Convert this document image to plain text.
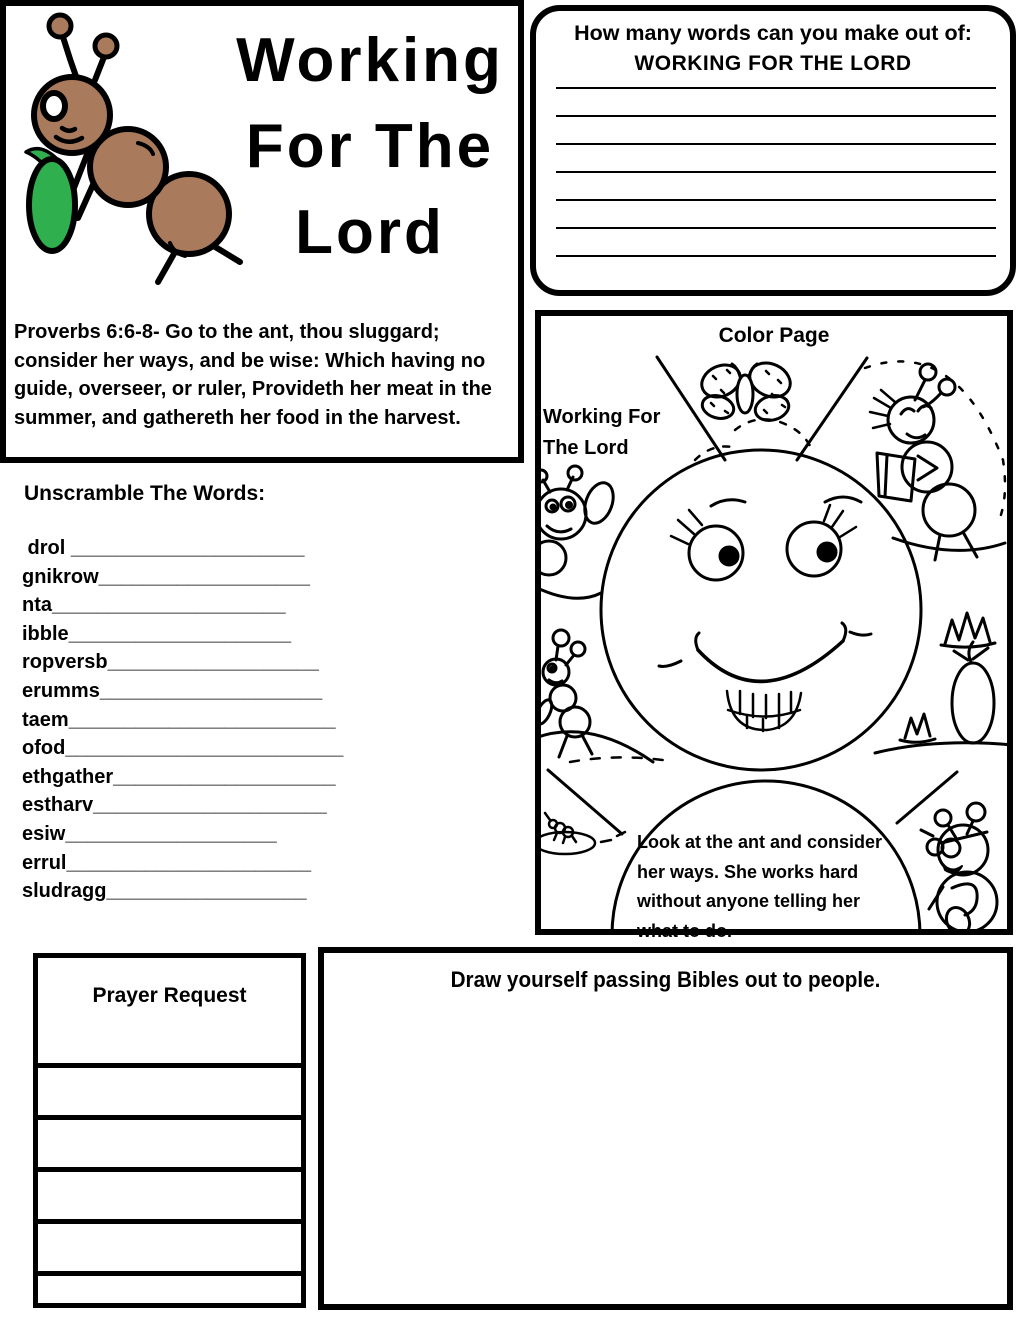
Working
For The
Lord
Proverbs 6:6-8- Go to the ant, thou sluggard;
consider her ways, and be wise: Which having no
guide, overseer, or ruler, Provideth her meat in the
summer, and gathereth her food in the harvest.
How many words can you make out of:
WORKING FOR THE LORD
Unscramble The Words:
drol _____________________
gnikrow___________________
nta_____________________
ibble____________________
ropversb___________________
erumms____________________
taem________________________
ofod_________________________
ethgather____________________
estharv_____________________
esiw___________________
errul______________________
sludragg__________________
Color Page
Working For
The Lord
Look at the ant and consider
her ways. She works hard
without anyone telling her
what to do.
Prayer Request
Draw yourself passing Bibles out to people.
